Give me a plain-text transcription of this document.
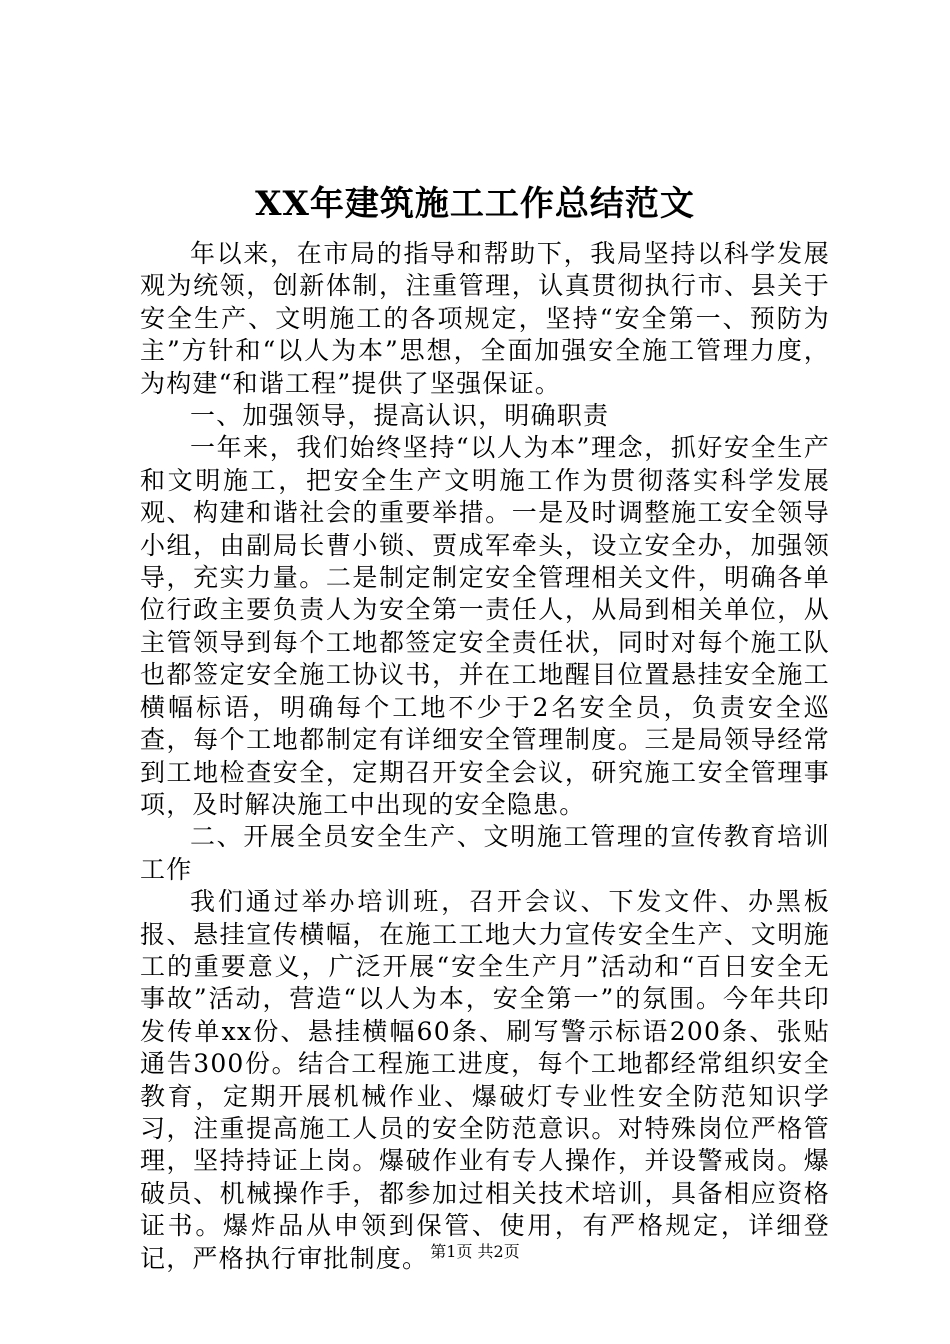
XX年建筑施工工作总结范文

年以来，在市局的指导和帮助下，我局坚持以科学发展观为统领，创新体制，注重管理，认真贯彻执行市、县关于安全生产、文明施工的各项规定，坚持“安全第一、预防为主”方针和“以人为本”思想，全面加强安全施工管理力度，为构建“和谐工程”提供了坚强保证。

一、加强领导，提高认识，明确职责

一年来，我们始终坚持“以人为本”理念，抓好安全生产和文明施工，把安全生产文明施工作为贯彻落实科学发展观、构建和谐社会的重要举措。一是及时调整施工安全领导小组，由副局长曹小锁、贾成军牵头，设立安全办，加强领导，充实力量。二是制定制定安全管理相关文件，明确各单位行政主要负责人为安全第一责任人，从局到相关单位，从主管领导到每个工地都签定安全责任状，同时对每个施工队也都签定安全施工协议书，并在工地醒目位置悬挂安全施工横幅标语，明确每个工地不少于2名安全员，负责安全巡查，每个工地都制定有详细安全管理制度。三是局领导经常到工地检查安全，定期召开安全会议，研究施工安全管理事项，及时解决施工中出现的安全隐患。

二、开展全员安全生产、文明施工管理的宣传教育培训工作

我们通过举办培训班，召开会议、下发文件、办黑板报、悬挂宣传横幅，在施工工地大力宣传安全生产、文明施工的重要意义，广泛开展“安全生产月”活动和“百日安全无事故”活动，营造“以人为本，安全第一”的氛围。今年共印发传单xx份、悬挂横幅60条、刷写警示标语200条、张贴通告300份。结合工程施工进度，每个工地都经常组织安全教育，定期开展机械作业、爆破灯专业性安全防范知识学习，注重提高施工人员的安全防范意识。对特殊岗位严格管理，坚持持证上岗。爆破作业有专人操作，并设警戒岗。爆破员、机械操作手，都参加过相关技术培训，具备相应资格证书。爆炸品从申领到保管、使用，有严格规定，详细登记，严格执行审批制度。 第1页 共2页
